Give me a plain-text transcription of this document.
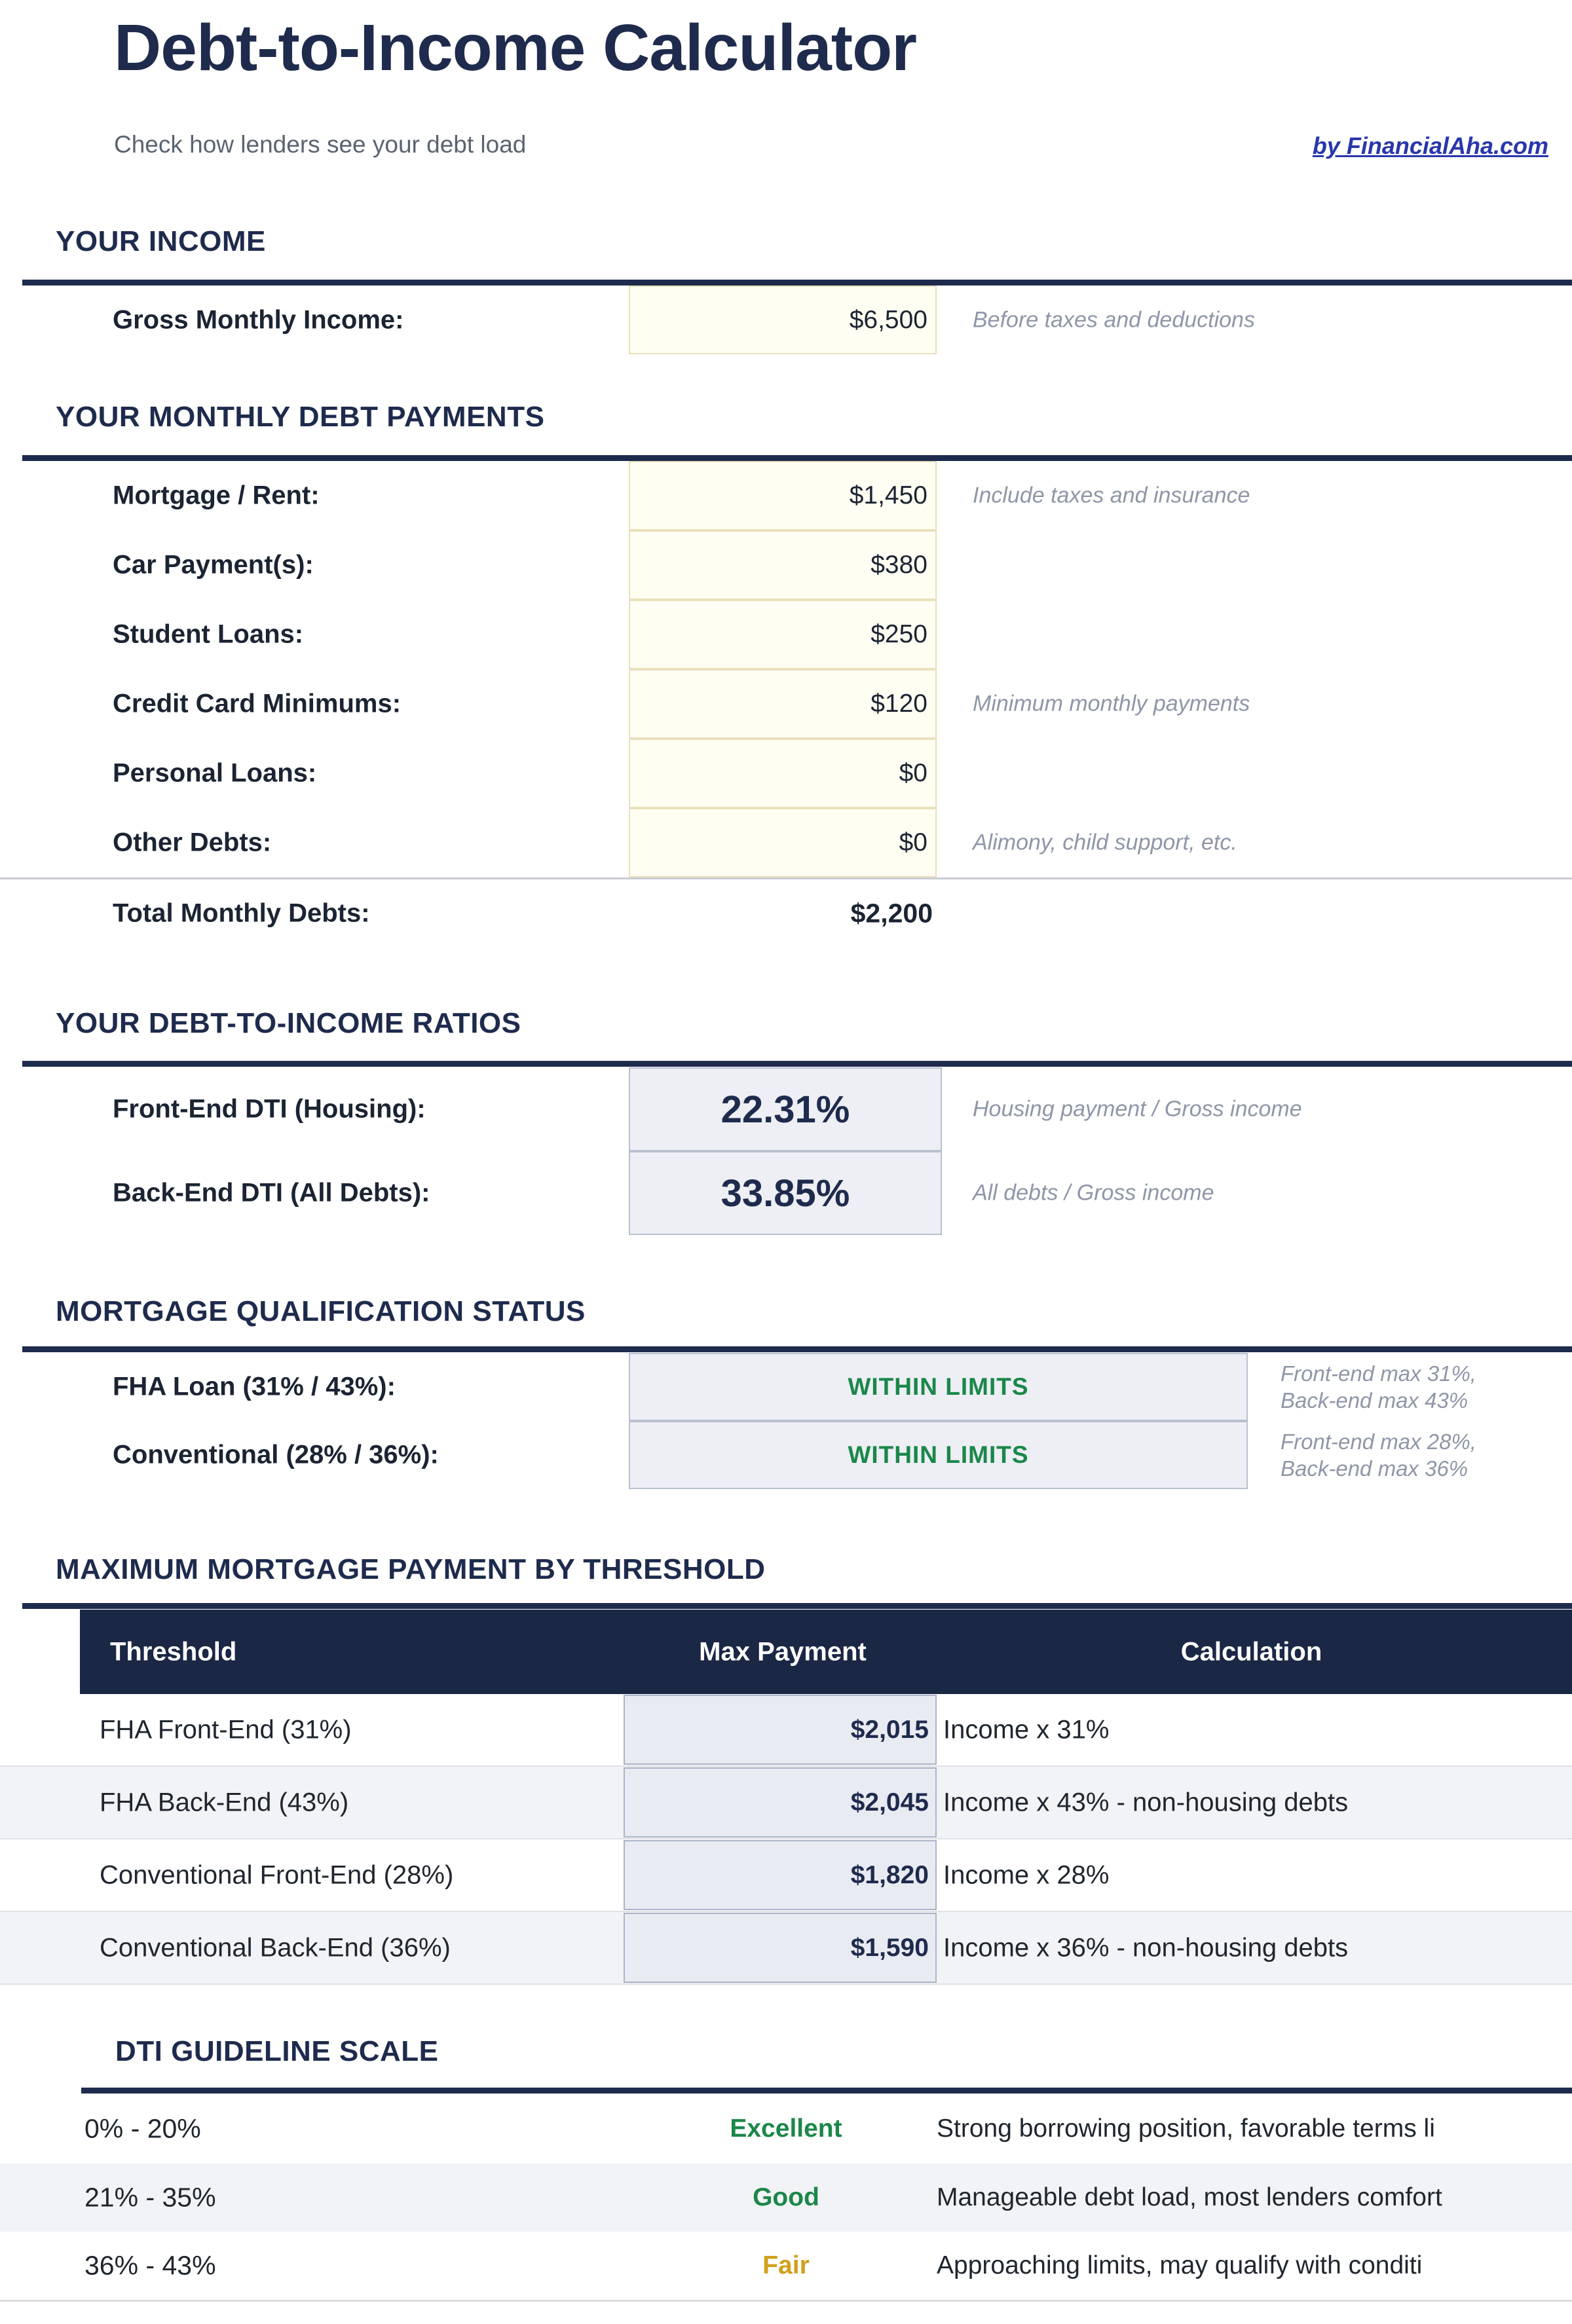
Debt-to-Income Calculator
Check how lenders see your debt load	by FinancialAha.com
YOUR INCOME
Gross Monthly Income:	$6,500	Before taxes and deductions
YOUR MONTHLY DEBT PAYMENTS
Mortgage / Rent:	$1,450	Include taxes and insurance
Car Payment(s):	$380
Student Loans:	$250
Credit Card Minimums:	$120	Minimum monthly payments
Personal Loans:	$0
Other Debts:	$0	Alimony, child support, etc.
Total Monthly Debts:	$2,200
YOUR DEBT-TO-INCOME RATIOS
Front-End DTI (Housing):	22.31%	Housing payment / Gross income
Back-End DTI (All Debts):	33.85%	All debts / Gross income
MORTGAGE QUALIFICATION STATUS
FHA Loan (31% / 43%):	WITHIN LIMITS	Front-end max 31%,
Back-end max 43%
Conventional (28% / 36%):	WITHIN LIMITS	Front-end max 28%,
Back-end max 36%
MAXIMUM MORTGAGE PAYMENT BY THRESHOLD
Threshold	Max Payment	Calculation
FHA Front-End (31%)	$2,015 Income x 31%
FHA Back-End (43%)	$2,045 Income x 43% - non-housing debts
Conventional Front-End (28%)	$1,820 Income x 28%
Conventional Back-End (36%)	$1,590 Income x 36% - non-housing debts
DTI GUIDELINE SCALE
0% - 20%	Excellent	Strong borrowing position, favorable terms li
21% - 35%	Good	Manageable debt load, most lenders comfort
36% - 43%	Fair	Approaching limits, may qualify with conditi
